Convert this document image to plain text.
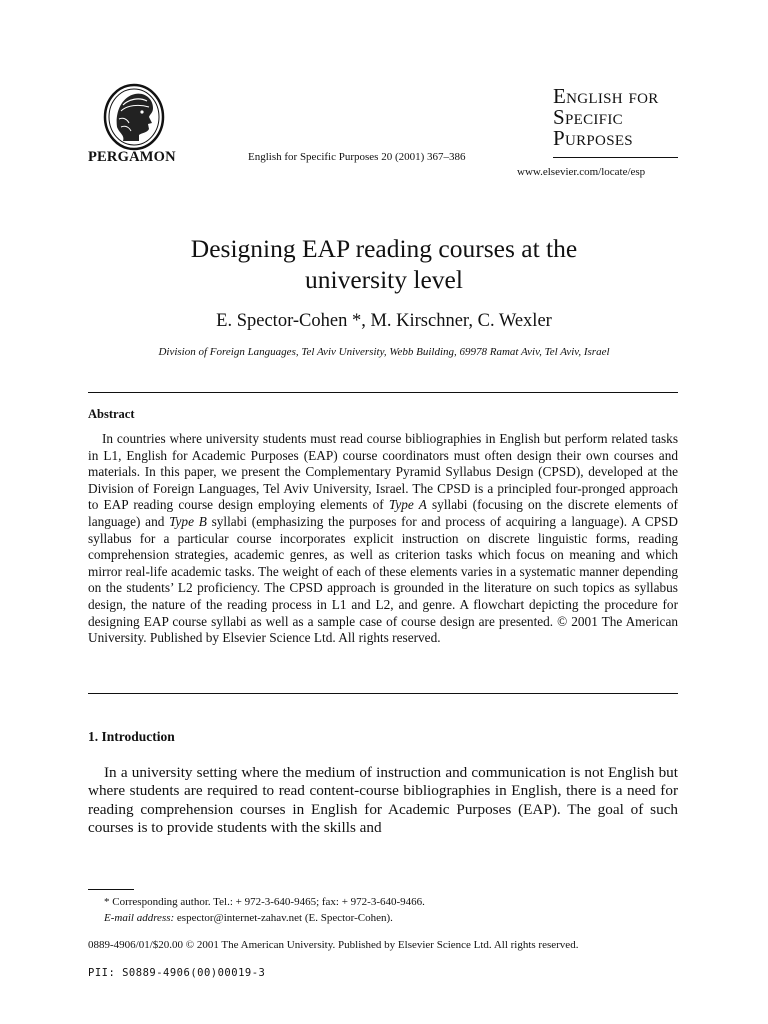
PERGAMON	English for Specific Purposes 20 (2001) 367–386
English for
Specific
Purposes
www.elsevier.com/locate/esp
Designing EAP reading courses at the
university level
E. Spector-Cohen *, M. Kirschner, C. Wexler
Division of Foreign Languages, Tel Aviv University, Webb Building, 69978 Ramat Aviv, Tel Aviv, Israel
Abstract

In countries where university students must read course bibliographies in English but perform related tasks in L1, English for Academic Purposes (EAP) course coordinators must often design their own courses and materials. In this paper, we present the Complementary Pyramid Syllabus Design (CPSD), developed at the Division of Foreign Languages, Tel Aviv University, Israel. The CPSD is a principled four-pronged approach to EAP reading course design employing elements of Type A syllabi (focusing on the discrete elements of language) and Type B syllabi (emphasizing the purposes for and process of acquiring a language). A CPSD syllabus for a particular course incorporates explicit instruction on discrete linguistic forms, reading comprehension strategies, academic genres, as well as criterion tasks which focus on meaning and which mirror real-life academic tasks. The weight of each of these elements varies in a systematic manner depending on the students’ L2 proficiency. The CPSD approach is grounded in the literature on such topics as syllabus design, the nature of the reading process in L1 and L2, and genre. A flowchart depicting the procedure for designing EAP course syllabi as well as a sample case of course design are presented. © 2001 The American University. Published by Elsevier Science Ltd. All rights reserved.

1. Introduction

In a university setting where the medium of instruction and communication is not English but where students are required to read content-course bibliographies in English, there is a need for reading comprehension courses in English for Academic Purposes (EAP). The goal of such courses is to provide students with the skills and

* Corresponding author. Tel.: + 972-3-640-9465; fax: + 972-3-640-9466.
E-mail address: espector@internet-zahav.net (E. Spector-Cohen).

0889-4906/01/$20.00 © 2001 The American University. Published by Elsevier Science Ltd. All rights reserved.

PII: S0889-4906(00)00019-3
